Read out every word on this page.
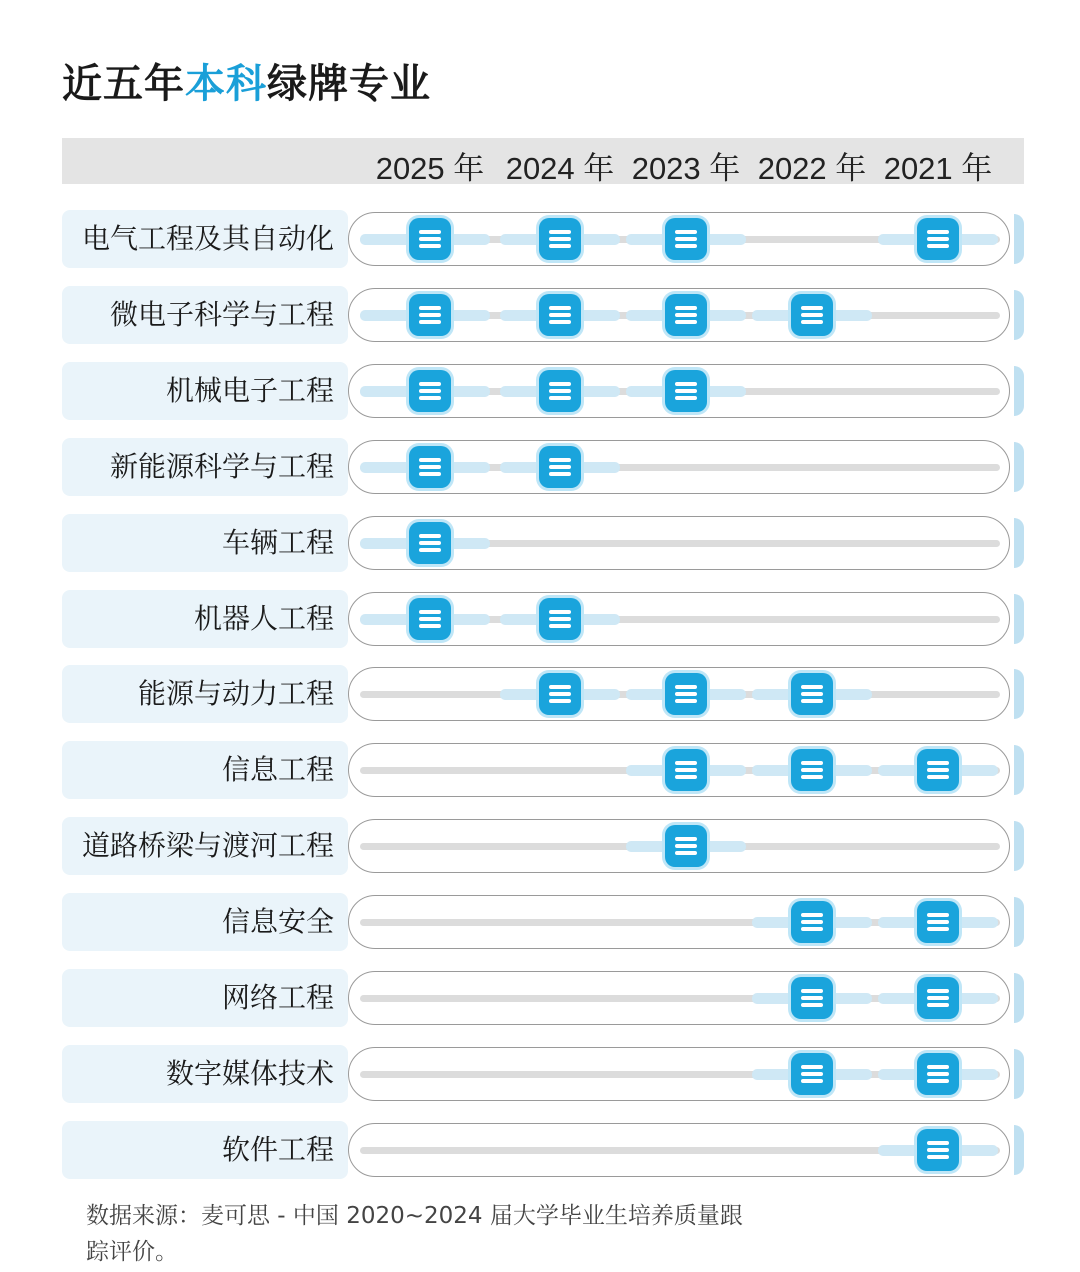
近五年本科绿牌专业
2025 年 2024 年 2023 年 2022 年 2021 年
电气工程及其自动化
微电子科学与工程
机械电子工程
新能源科学与工程
车辆工程
机器人工程
能源与动力工程
信息工程
道路桥梁与渡河工程
信息安全
网络工程
数字媒体技术
软件工程
数据来源：麦可思 - 中国 2020~2024 届大学毕业生培养质量跟踪评价。
